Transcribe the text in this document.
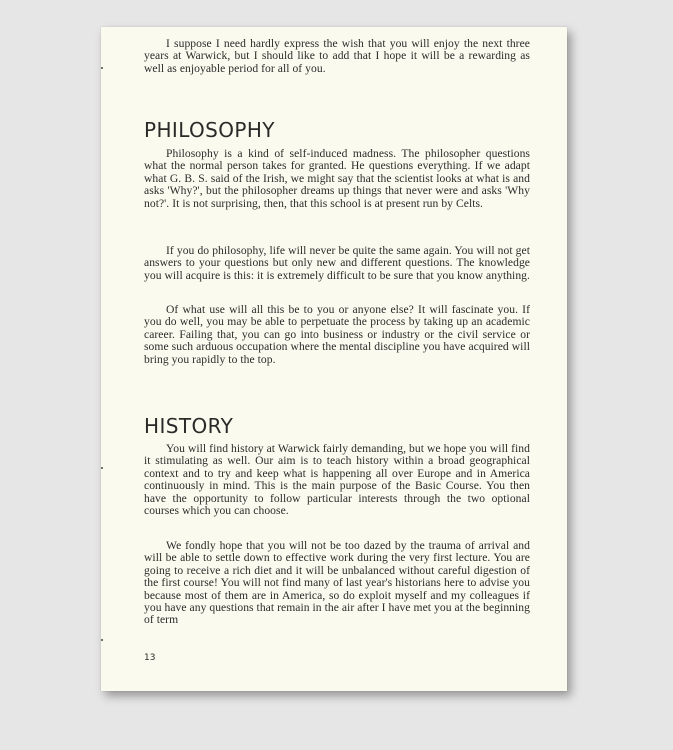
I suppose I need hardly express the wish that you will enjoy the next three years at Warwick, but I should like to add that I hope it will be a rewarding as well as enjoyable period for all of you.

PHILOSOPHY

Philosophy is a kind of self-induced madness. The philosopher questions what the normal person takes for granted. He questions everything. If we adapt what G. B. S. said of the Irish, we might say that the scientist looks at what is and asks 'Why?', but the philosopher dreams up things that never were and asks 'Why not?'. It is not surprising, then, that this school is at present run by Celts.

If you do philosophy, life will never be quite the same again. You will not get answers to your questions but only new and different questions. The knowledge you will acquire is this: it is extremely difficult to be sure that you know anything.

Of what use will all this be to you or anyone else? It will fascinate you. If you do well, you may be able to perpetuate the process by taking up an academic career. Failing that, you can go into business or industry or the civil service or some such arduous occupation where the mental discipline you have acquired will bring you rapidly to the top.

HISTORY

You will find history at Warwick fairly demanding, but we hope you will find it stimulating as well. Our aim is to teach history within a broad geographical context and to try and keep what is happening all over Europe and in America continuously in mind. This is the main purpose of the Basic Course. You then have the opportunity to follow particular interests through the two optional courses which you can choose.

We fondly hope that you will not be too dazed by the trauma of arrival and will be able to settle down to effective work during the very first lecture. You are going to receive a rich diet and it will be unbalanced without careful digestion of the first course! You will not find many of last year's historians here to advise you because most of them are in America, so do exploit myself and my colleagues if you have any questions that remain in the air after I have met you at the beginning of term

13
